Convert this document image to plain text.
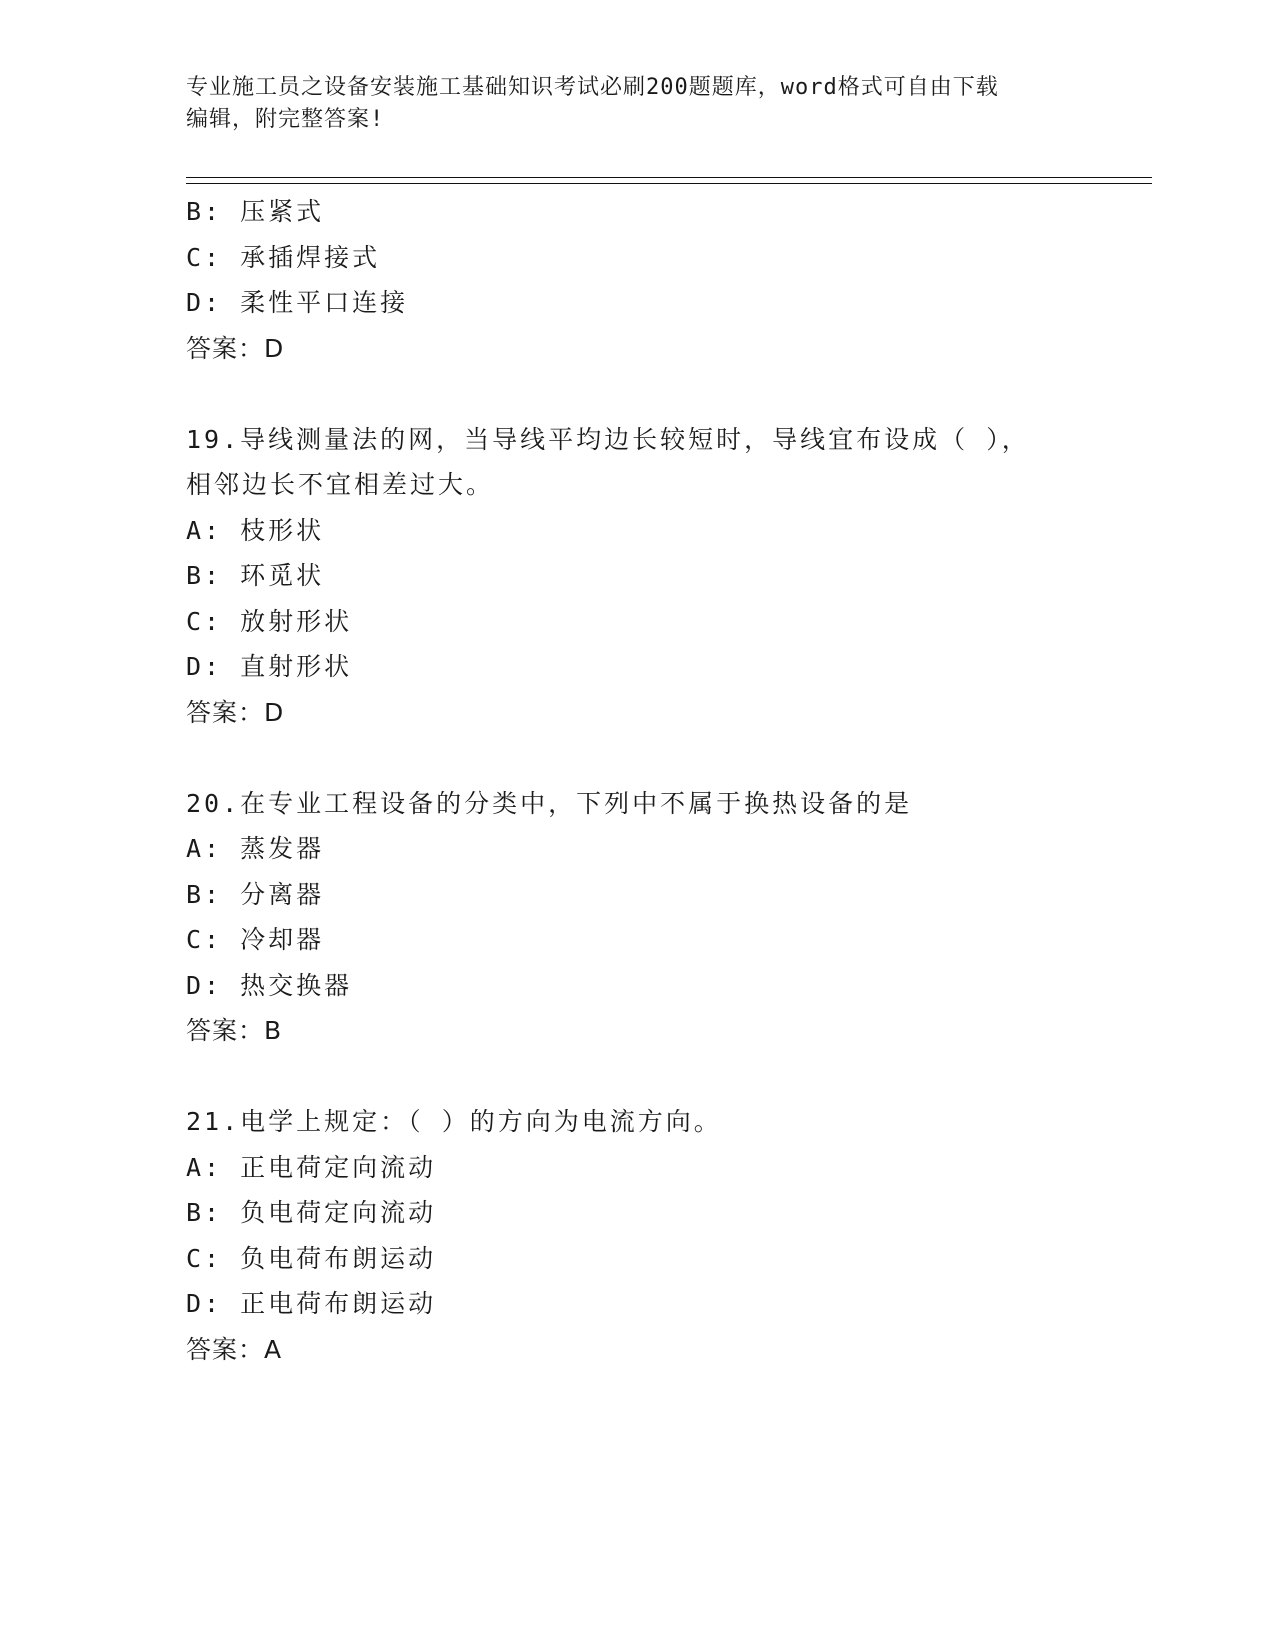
专业施工员之设备安装施工基础知识考试必刷200题题库，word格式可自由下载
编辑，附完整答案!
B: 压紧式
C: 承插焊接式
D: 柔性平口连接
答案：D
19.导线测量法的网，当导线平均边长较短时，导线宜布设成（ ），
相邻边长不宜相差过大。
A: 枝形状
B: 环觅状
C: 放射形状
D: 直射形状
答案：D
20.在专业工程设备的分类中，下列中不属于换热设备的是
A: 蒸发器
B: 分离器
C: 冷却器
D: 热交换器
答案：B
21.电学上规定：（ ）的方向为电流方向。
A: 正电荷定向流动
B: 负电荷定向流动
C: 负电荷布朗运动
D: 正电荷布朗运动
答案：A
